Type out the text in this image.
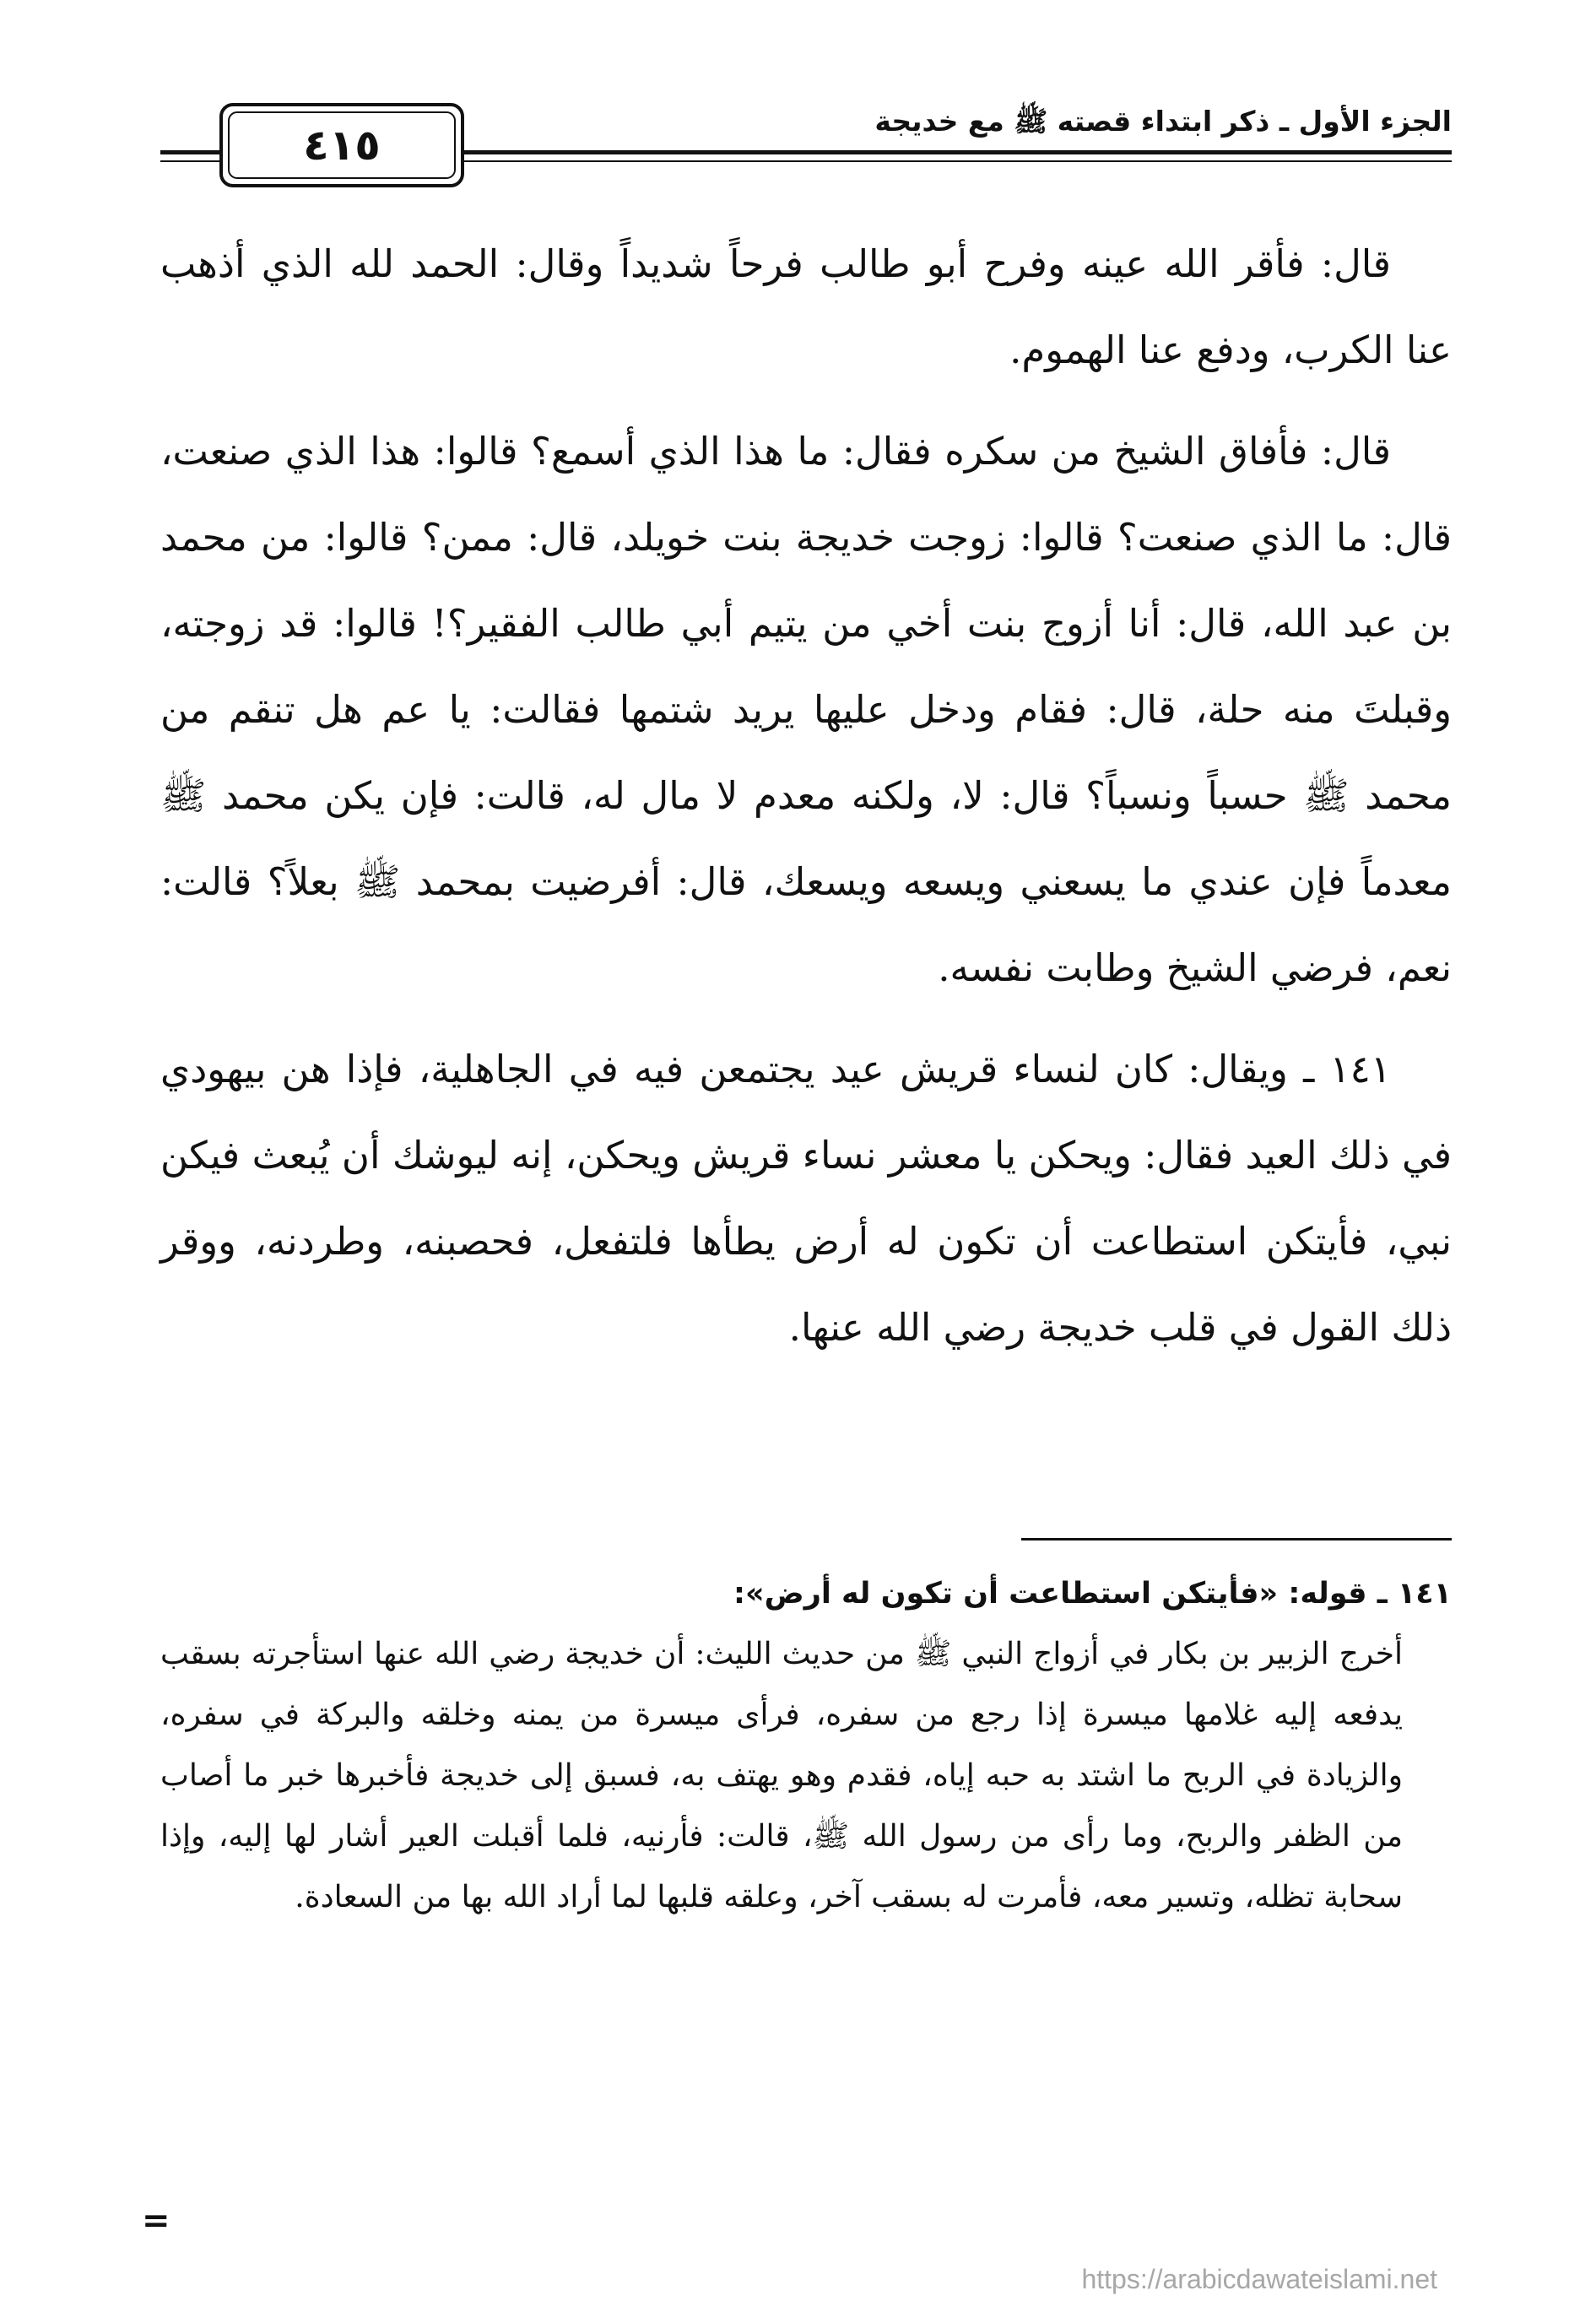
الجزء الأول ـ ذكر ابتداء قصته ﷺ مع خديجة
٤١٥

قال: فأقر الله عينه وفرح أبو طالب فرحاً شديداً وقال: الحمد لله الذي أذهب عنا الكرب، ودفع عنا الهموم.

قال: فأفاق الشيخ من سكره فقال: ما هذا الذي أسمع؟ قالوا: هذا الذي صنعت، قال: ما الذي صنعت؟ قالوا: زوجت خديجة بنت خويلد، قال: ممن؟ قالوا: من محمد بن عبد الله، قال: أنا أزوج بنت أخي من يتيم أبي طالب الفقير؟! قالوا: قد زوجته، وقبلتَ منه حلة، قال: فقام ودخل عليها يريد شتمها فقالت: يا عم هل تنقم من محمد ﷺ حسباً ونسباً؟ قال: لا، ولكنه معدم لا مال له، قالت: فإن يكن محمد ﷺ معدماً فإن عندي ما يسعني ويسعه ويسعك، قال: أفرضيت بمحمد ﷺ بعلاً؟ قالت: نعم، فرضي الشيخ وطابت نفسه.

١٤١ ـ ويقال: كان لنساء قريش عيد يجتمعن فيه في الجاهلية، فإذا هن بيهودي في ذلك العيد فقال: ويحكن يا معشر نساء قريش ويحكن، إنه ليوشك أن يُبعث فيكن نبي، فأيتكن استطاعت أن تكون له أرض يطأها فلتفعل، فحصبنه، وطردنه، ووقر ذلك القول في قلب خديجة رضي الله عنها.

١٤١ ـ قوله: «فأيتكن استطاعت أن تكون له أرض»:

أخرج الزبير بن بكار في أزواج النبي ﷺ من حديث الليث: أن خديجة رضي الله عنها استأجرته بسقب يدفعه إليه غلامها ميسرة إذا رجع من سفره، فرأى ميسرة من يمنه وخلقه والبركة في سفره، والزيادة في الربح ما اشتد به حبه إياه، فقدم وهو يهتف به، فسبق إلى خديجة فأخبرها خبر ما أصاب من الظفر والربح، وما رأى من رسول الله ﷺ، قالت: فأرنيه، فلما أقبلت العير أشار لها إليه، وإذا سحابة تظله، وتسير معه، فأمرت له بسقب آخر، وعلقه قلبها لما أراد الله بها من السعادة.

=
https://arabicdawateislami.net
